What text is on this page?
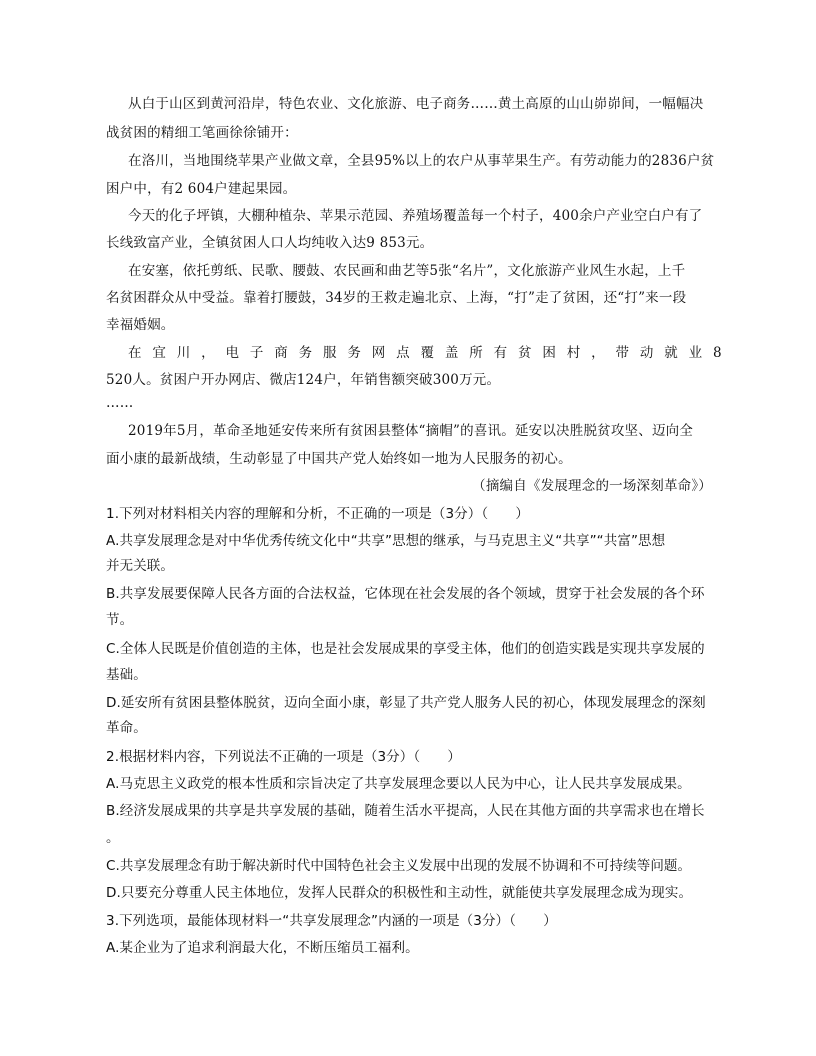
从白于山区到黄河沿岸，特色农业、文化旅游、电子商务……黄土高原的山山峁峁间，一幅幅决
战贫困的精细工笔画徐徐铺开：
在洛川，当地围绕苹果产业做文章，全县95%以上的农户从事苹果生产。有劳动能力的2836户贫
困户中，有2 604户建起果园。
今天的化子坪镇，大棚种植杂、苹果示范园、养殖场覆盖每一个村子，400余户产业空白户有了
长线致富产业，全镇贫困人口人均纯收入达9 853元。
在安塞，依托剪纸、民歌、腰鼓、农民画和曲艺等5张“名片”，文化旅游产业风生水起，上千
名贫困群众从中受益。靠着打腰鼓，34岁的王救走遍北京、上海，“打”走了贫困，还“打”来一段
幸福婚姻。
在 宜 川 ， 电 子 商 务 服 务 网 点 覆 盖 所 有 贫 困 村 ， 带 动 就 业 8
520人。贫困户开办网店、微店124户，年销售额突破300万元。
……
2019年5月，革命圣地延安传来所有贫困县整体“摘帽”的喜讯。延安以决胜脱贫攻坚、迈向全
面小康的最新战绩，生动彰显了中国共产党人始终如一地为人民服务的初心。
（摘编自《发展理念的一场深刻革命》）
1.下列对材料相关内容的理解和分析，不正确的一项是（3分）（　　）
A.共享发展理念是对中华优秀传统文化中“共享”思想的继承，与马克思主义“共享”“共富”思想
并无关联。
B.共享发展要保障人民各方面的合法权益，它体现在社会发展的各个领域，贯穿于社会发展的各个环
节。
C.全体人民既是价值创造的主体，也是社会发展成果的享受主体，他们的创造实践是实现共享发展的
基础。
D.延安所有贫困县整体脱贫，迈向全面小康，彰显了共产党人服务人民的初心，体现发展理念的深刻
革命。
2.根据材料内容，下列说法不正确的一项是（3分）（　　）
A.马克思主义政党的根本性质和宗旨决定了共享发展理念要以人民为中心，让人民共享发展成果。
B.经济发展成果的共享是共享发展的基础，随着生活水平提高，人民在其他方面的共享需求也在增长
。
C.共享发展理念有助于解决新时代中国特色社会主义发展中出现的发展不协调和不可持续等问题。
D.只要充分尊重人民主体地位，发挥人民群众的积极性和主动性，就能使共享发展理念成为现实。
3.下列选项，最能体现材料一“共享发展理念”内涵的一项是（3分）（　　）
A.某企业为了追求利润最大化，不断压缩员工福利。
